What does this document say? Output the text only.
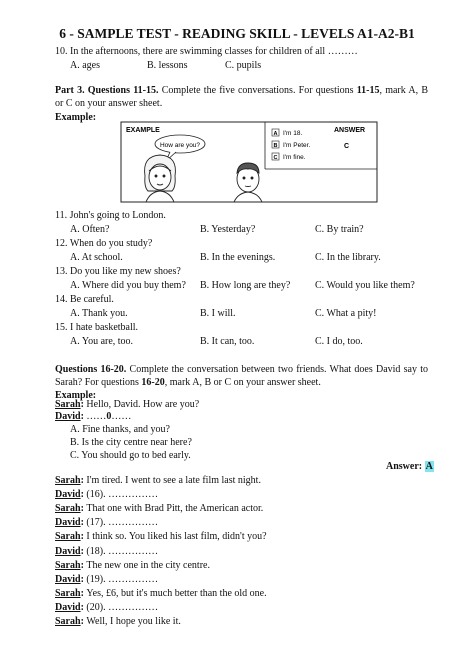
6 - SAMPLE TEST - READING SKILL - LEVELS A1-A2-B1
10. In the afternoons, there are swimming classes for children of all ………
A. ages	B. lessons	C. pupils
Part 3. Questions 11-15. Complete the five conversations. For questions 11-15, mark A, B or C on your answer sheet.
Example:
EXAMPLE
How are you?
A I'm 18.
B I'm Peter.
C I'm fine.
ANSWER
C
11. John's going to London.
A. Often?	B. Yesterday?	C. By train?
12. When do you study?
A. At school.	B. In the evenings.	C. In the library.
13. Do you like my new shoes?
A. Where did you buy them? B. How long are they? C. Would you like them?
14. Be careful.
A. Thank you.	B. I will.	C. What a pity!
15. I hate basketball.
A. You are, too.	B. It can, too.	C. I do, too.
Questions 16-20. Complete the conversation between two friends. What does David say to Sarah? For questions 16-20, mark A, B or C on your answer sheet.
Example:
Sarah: Hello, David. How are you?
David: ……0……
A. Fine thanks, and you?
B. Is the city centre near here?
C. You should go to bed early.
Answer: A
Sarah: I'm tired. I went to see a late film last night.
David: (16). ……………
Sarah: That one with Brad Pitt, the American actor.
David: (17). ……………
Sarah: I think so. You liked his last film, didn't you?
David: (18). ……………
Sarah: The new one in the city centre.
David: (19). ……………
Sarah: Yes, £6, but it's much better than the old one.
David: (20). ……………
Sarah: Well, I hope you like it.
